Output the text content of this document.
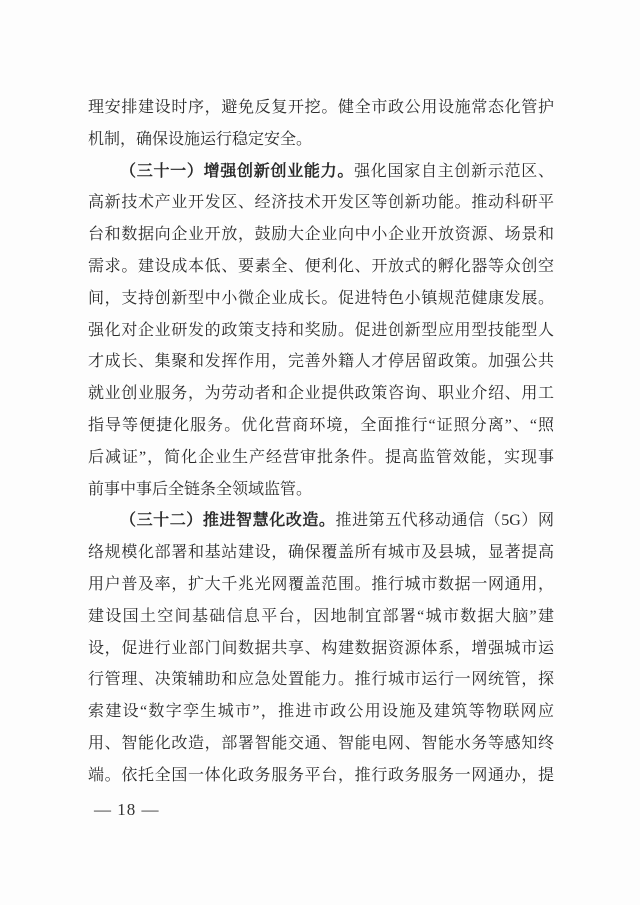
理安排建设时序，避免反复开挖。健全市政公用设施常态化管护
机制，确保设施运行稳定安全。
（三十一）增强创新创业能力。强化国家自主创新示范区、
高新技术产业开发区、经济技术开发区等创新功能。推动科研平
台和数据向企业开放，鼓励大企业向中小企业开放资源、场景和
需求。建设成本低、要素全、便利化、开放式的孵化器等众创空
间，支持创新型中小微企业成长。促进特色小镇规范健康发展。
强化对企业研发的政策支持和奖励。促进创新型应用型技能型人
才成长、集聚和发挥作用，完善外籍人才停居留政策。加强公共
就业创业服务，为劳动者和企业提供政策咨询、职业介绍、用工
指导等便捷化服务。优化营商环境，全面推行“证照分离”、“照
后减证”，简化企业生产经营审批条件。提高监管效能，实现事
前事中事后全链条全领域监管。
（三十二）推进智慧化改造。推进第五代移动通信（5G）网
络规模化部署和基站建设，确保覆盖所有城市及县城，显著提高
用户普及率，扩大千兆光网覆盖范围。推行城市数据一网通用，
建设国土空间基础信息平台，因地制宜部署“城市数据大脑”建
设，促进行业部门间数据共享、构建数据资源体系，增强城市运
行管理、决策辅助和应急处置能力。推行城市运行一网统管，探
索建设“数字孪生城市”，推进市政公用设施及建筑等物联网应
用、智能化改造，部署智能交通、智能电网、智能水务等感知终
端。依托全国一体化政务服务平台，推行政务服务一网通办，提
— 18 —
